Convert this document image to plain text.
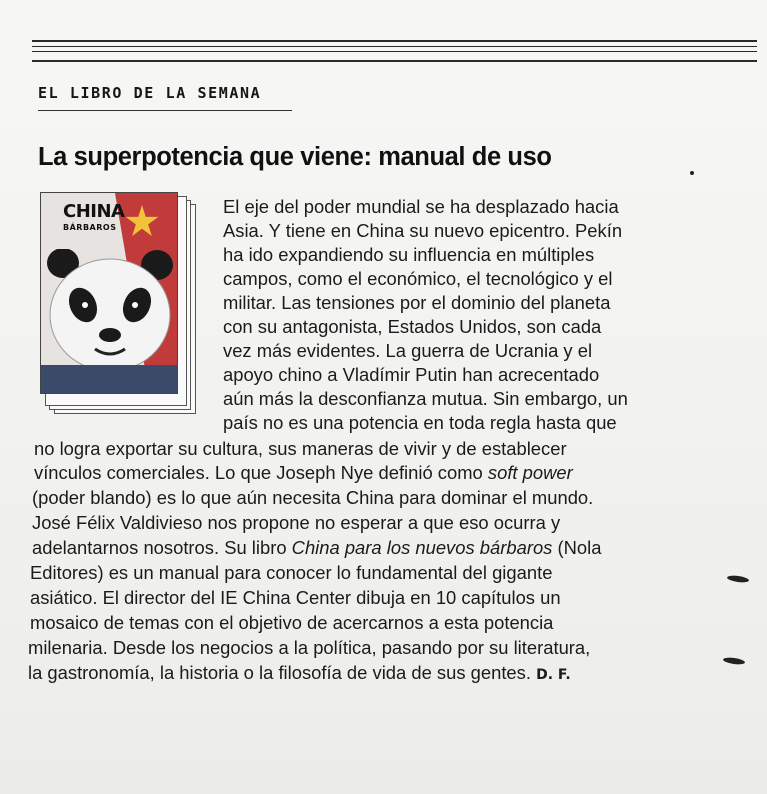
EL LIBRO DE LA SEMANA
La superpotencia que viene: manual de uso
CHINA
BÁRBAROS
El eje del poder mundial se ha desplazado hacia
Asia. Y tiene en China su nuevo epicentro. Pekín
ha ido expandiendo su influencia en múltiples
campos, como el económico, el tecnológico y el
militar. Las tensiones por el dominio del planeta
con su antagonista, Estados Unidos, son cada
vez más evidentes. La guerra de Ucrania y el
apoyo chino a Vladímir Putin han acrecentado
aún más la desconfianza mutua. Sin embargo, un
país no es una potencia en toda regla hasta que
no logra exportar su cultura, sus maneras de vivir y de establecer
vínculos comerciales. Lo que Joseph Nye definió como soft power
(poder blando) es lo que aún necesita China para dominar el mundo.
José Félix Valdivieso nos propone no esperar a que eso ocurra y
adelantarnos nosotros. Su libro China para los nuevos bárbaros (Nola
Editores) es un manual para conocer lo fundamental del gigante
asiático. El director del IE China Center dibuja en 10 capítulos un
mosaico de temas con el objetivo de acercarnos a esta potencia
milenaria. Desde los negocios a la política, pasando por su literatura,
la gastronomía, la historia o la filosofía de vida de sus gentes. D. F.
